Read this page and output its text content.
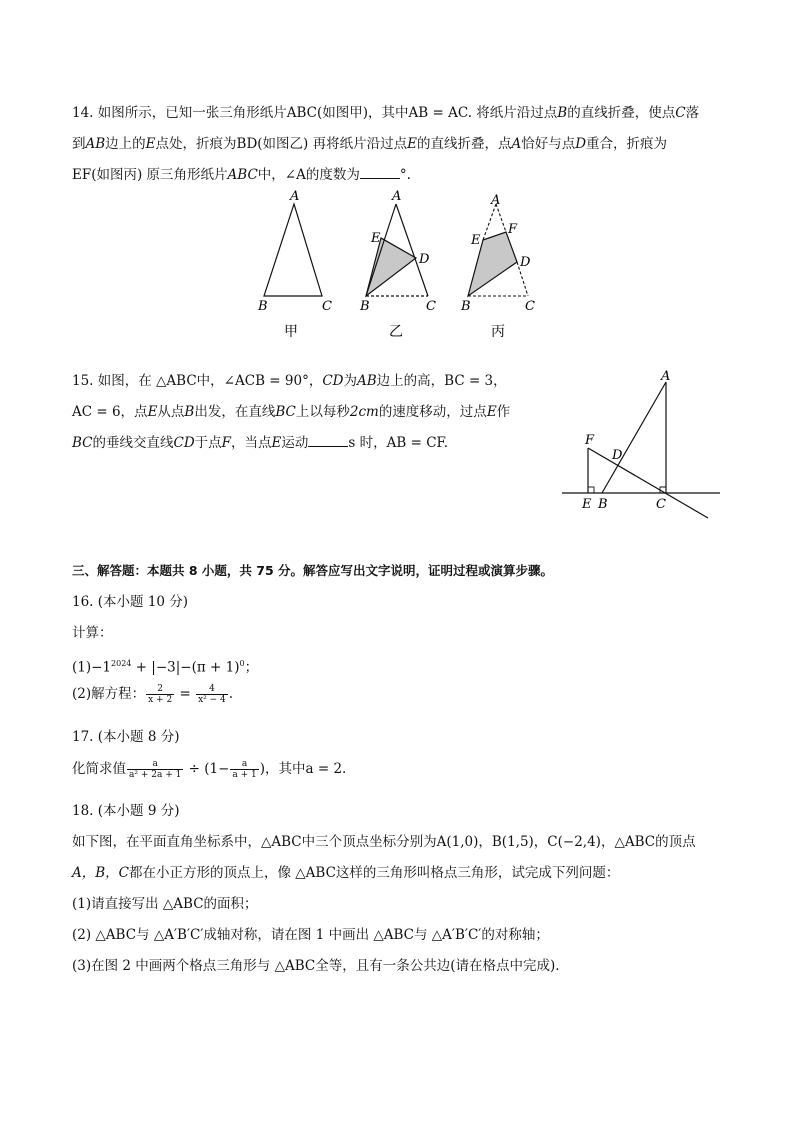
14. 如图所示，已知一张三角形纸片ABC(如图甲)，其中AB = AC. 将纸片沿过点B的直线折叠，使点C落
到AB边上的E点处，折痕为BD(如图乙) 再将纸片沿过点E的直线折叠，点A恰好与点D重合，折痕为
EF(如图丙) 原三角形纸片ABC中，∠A的度数为	°.
A
B	C
甲
A
E
D
B	C
乙
A
F
E
D
B	C
丙
15. 如图，在 △ABC中，∠ACB = 90°，CD为AB边上的高，BC = 3，
AC = 6，点E从点B出发，在直线BC上以每秒2cm的速度移动，过点E作
BC的垂线交直线CD于点F，当点E运动	s 时，AB = CF.
A
F
D
E B	C
三、解答题：本题共 8 小题，共 75 分。解答应写出文字说明，证明过程或演算步骤。
16. (本小题 10 分)
计算：
$(1)-1^{2024} + |-3|-(\pi + 1)^0$；
(2)解方程： $\frac{2}{x + 2} = \frac{4}{\text{x² − 4}}$ .
17. (本小题 8 分)
化简求值 $\frac{a}{\text{a² + 2a + 1}} \div (1- \frac{a}{a + 1}$ )，其中a = 2.
18. (本小题 9 分)
如下图，在平面直角坐标系中，△ABC中三个顶点坐标分别为A(1,0)，B(1,5)，C(−2,4)，△ABC的顶点
A，B，C都在小正方形的顶点上，像 △ABC这样的三角形叫格点三角形，试完成下列问题：
(1)请直接写出 △ABC的面积；
(2) △ABC与 △A′B′C′成轴对称，请在图 1 中画出 △ABC与 △A′B′C′的对称轴；
(3)在图 2 中画两个格点三角形与 △ABC全等，且有一条公共边(请在格点中完成).
